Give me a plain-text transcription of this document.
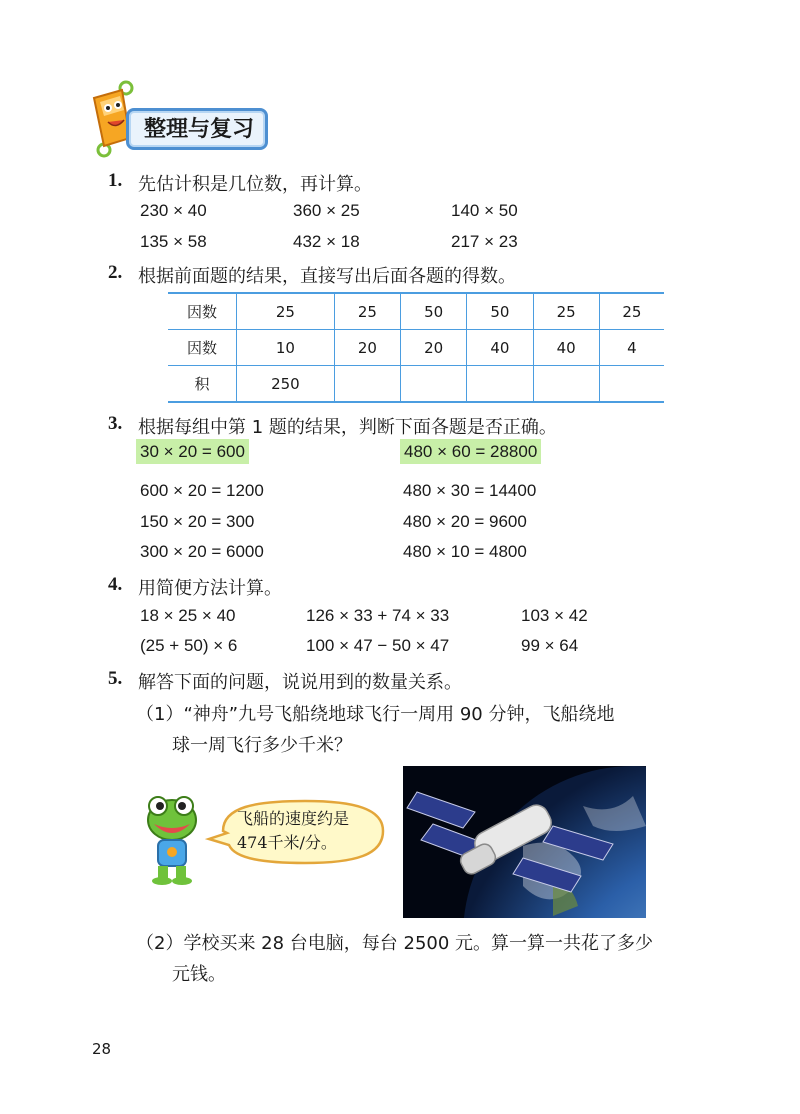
整理与复习
1. 先估计积是几位数，再计算。
230 × 40	360 × 25	140 × 50
135 × 58	432 × 18	217 × 23
2. 根据前面题的结果，直接写出后面各题的得数。
因数	25	25	50	50	25	25
因数	10	20	20	40	40	4
积	250					
3. 根据每组中第 1 题的结果，判断下面各题是否正确。
30 × 20 = 600	480 × 60 = 28800
600 × 20 = 1200	480 × 30 = 14400
150 × 20 = 300	480 × 20 = 9600
300 × 20 = 6000	480 × 10 = 4800
4. 用简便方法计算。
18 × 25 × 40	126 × 33 + 74 × 33	103 × 42
(25 + 50) × 6	100 × 47 − 50 × 47	99 × 64
5. 解答下面的问题，说说用到的数量关系。
（1）“神舟”九号飞船绕地球飞行一周用 90 分钟，飞船绕地
球一周飞行多少千米？
飞船的速度约是
474千米/分。
（2）学校买来 28 台电脑，每台 2500 元。算一算一共花了多少
元钱。
28
